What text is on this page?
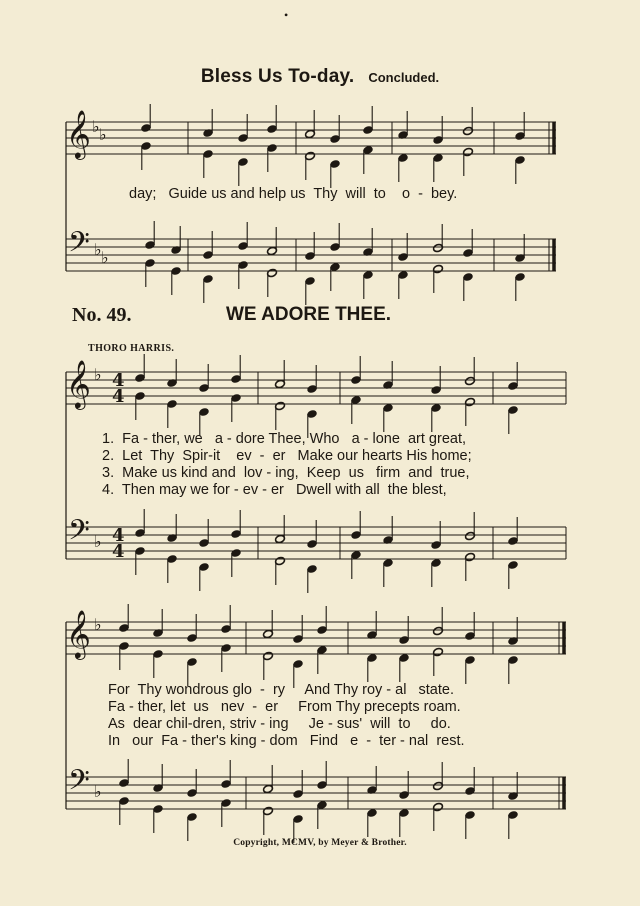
•
Bless Us To-day. Concluded.
𝄞 ♭ ♭
𝄢 ♭ ♭
𝄞 ♭ 4
4
𝄢 ♭ 4
4
𝄞 ♭
𝄢 ♭
day;   Guide us and help us  Thy  will  to    o  -  bey.
No. 49.	WE ADORE THEE.
THORO HARRIS.
1.  Fa - ther, we   a - dore Thee, Who   a - lone  art great,
2.  Let  Thy  Spir-it    ev  -  er   Make our hearts His home;
3.  Make us kind and  lov - ing,  Keep  us   firm  and  true,
4.  Then may we for - ev - er   Dwell with all  the blest,
For  Thy wondrous glo  -  ry     And Thy roy - al   state.
Fa - ther, let  us   nev  -  er     From Thy precepts roam.
As  dear chil-dren, striv - ing     Je - sus'  will  to     do.
In   our  Fa - ther's king - dom   Find   e  -  ter - nal  rest.
Copyright, MCMV, by Meyer & Brother.
